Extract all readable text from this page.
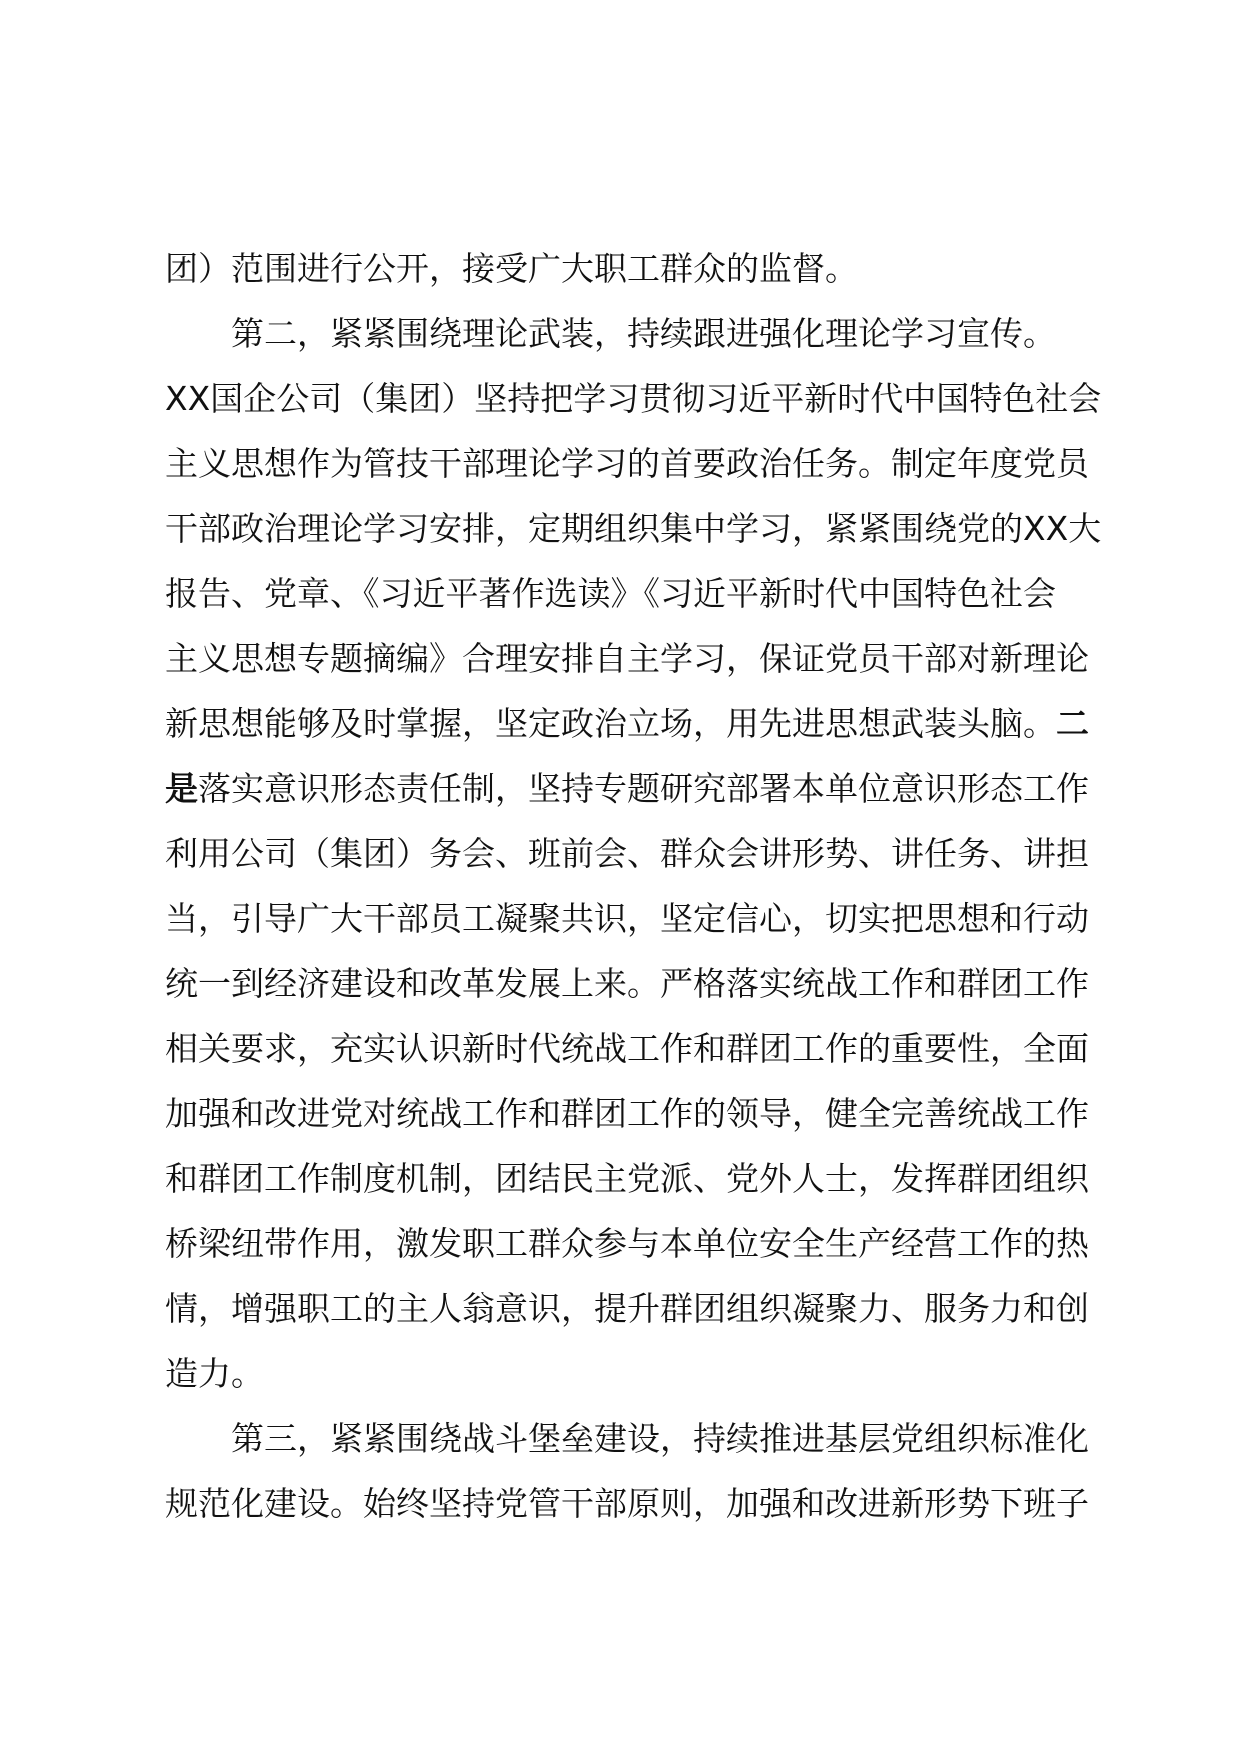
团）范围进行公开，接受广大职工群众的监督。
第二，紧紧围绕理论武装，持续跟进强化理论学习宣传。
XX国企公司（集团）坚持把学习贯彻习近平新时代中国特色社会
主义思想作为管技干部理论学习的首要政治任务。制定年度党员
干部政治理论学习安排，定期组织集中学习，紧紧围绕党的XX大
报告、党章、《习近平著作选读》《习近平新时代中国特色社会
主义思想专题摘编》合理安排自主学习，保证党员干部对新理论
新思想能够及时掌握，坚定政治立场，用先进思想武装头脑。二
是落实意识形态责任制，坚持专题研究部署本单位意识形态工作
利用公司（集团）务会、班前会、群众会讲形势、讲任务、讲担
当，引导广大干部员工凝聚共识，坚定信心，切实把思想和行动
统一到经济建设和改革发展上来。严格落实统战工作和群团工作
相关要求，充实认识新时代统战工作和群团工作的重要性，全面
加强和改进党对统战工作和群团工作的领导，健全完善统战工作
和群团工作制度机制，团结民主党派、党外人士，发挥群团组织
桥梁纽带作用，激发职工群众参与本单位安全生产经营工作的热
情，增强职工的主人翁意识，提升群团组织凝聚力、服务力和创
造力。
第三，紧紧围绕战斗堡垒建设，持续推进基层党组织标准化
规范化建设。始终坚持党管干部原则，加强和改进新形势下班子
